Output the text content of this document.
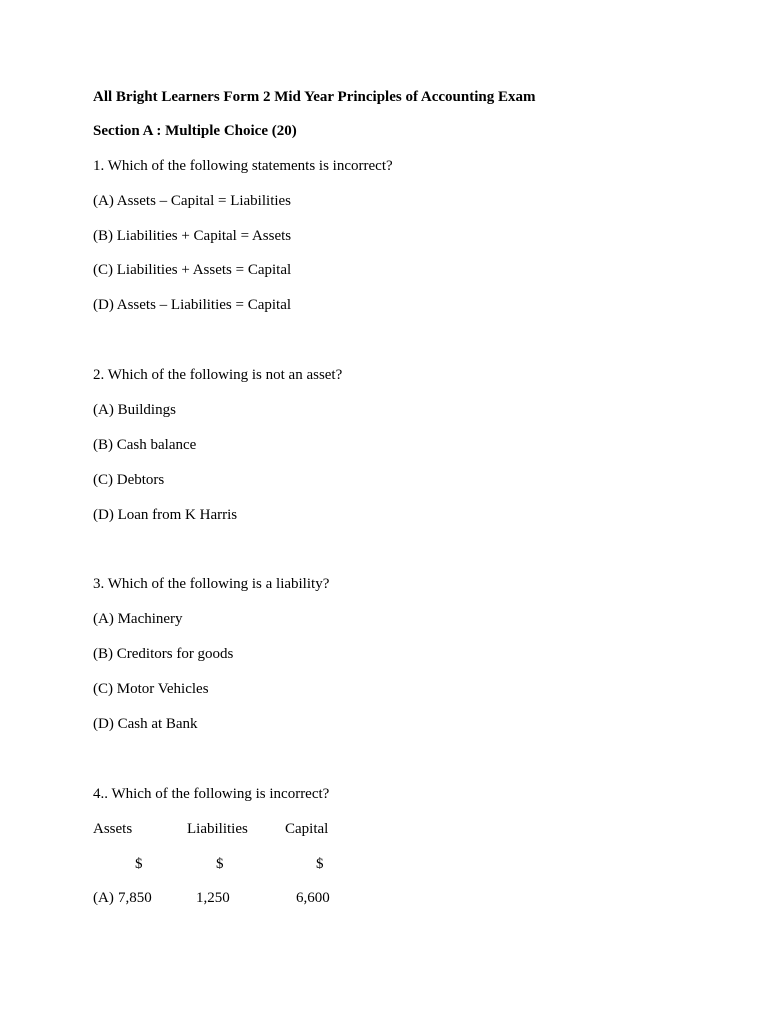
All Bright Learners Form 2 Mid Year Principles of Accounting Exam
Section A : Multiple Choice (20)
1. Which of the following statements is incorrect?
(A) Assets – Capital = Liabilities
(B) Liabilities + Capital = Assets
(C) Liabilities + Assets = Capital
(D) Assets – Liabilities = Capital
2. Which of the following is not an asset?
(A) Buildings
(B) Cash balance
(C) Debtors
(D) Loan from K Harris
3. Which of the following is a liability?
(A) Machinery
(B) Creditors for goods
(C) Motor Vehicles
(D) Cash at Bank
4.. Which of the following is incorrect?
Assets	Liabilities Capital
$	$	$
(A) 7,850	1,250	6,600
